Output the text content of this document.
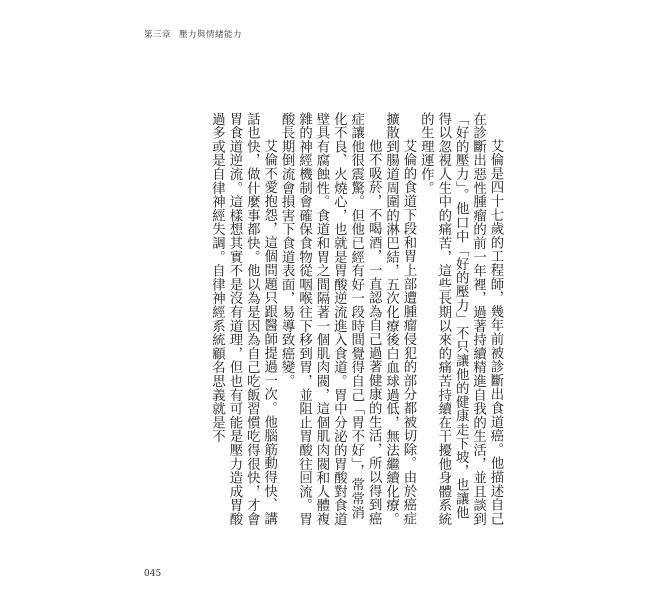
第三章 壓力與情緒能力

艾倫是四十七歲的工程師，幾年前被診斷出食道癌。他描述自己在診斷出惡性腫瘤的前一年裡，過著持續精進自我的生活，並且談到「好的壓力」。他口中「好的壓力」不只讓他的健康走下坡，也讓他得以忽視人生中的痛苦，這些長期以來的痛苦持續在干擾他身體系統的生理運作。

艾倫的食道下段和胃上部遭腫瘤侵犯的部分都被切除。由於癌症擴散到腸道周圍的淋巴結，五次化療後白血球過低，無法繼續化療。

他不吸菸，不喝酒，一直認為自己過著健康的生活，所以得到癌症讓他很震驚。但他已經有好一段時間覺得自己「胃不好」，常常消化不良、火燒心，也就是胃酸逆流進入食道。胃中分泌的胃酸對食道壁具有腐蝕性。食道和胃之間隔著一個肌肉閥，這個肌肉閥和人體複雜的神經機制會確保食物從咽喉往下移到胃，並阻止胃酸往回流。胃酸長期倒流會損害下食道表面，易導致癌變。

艾倫不愛抱怨，這個問題只跟醫師提過一次。他腦筋動得快、講話也快，做什麼事都快。他以為是因為自己吃飯習慣吃得很快，才會胃食道逆流。這樣想其實不是沒有道理，但也有可能是壓力造成胃酸過多或是自律神經失調。自律神經系統顧名思義就是不

045
